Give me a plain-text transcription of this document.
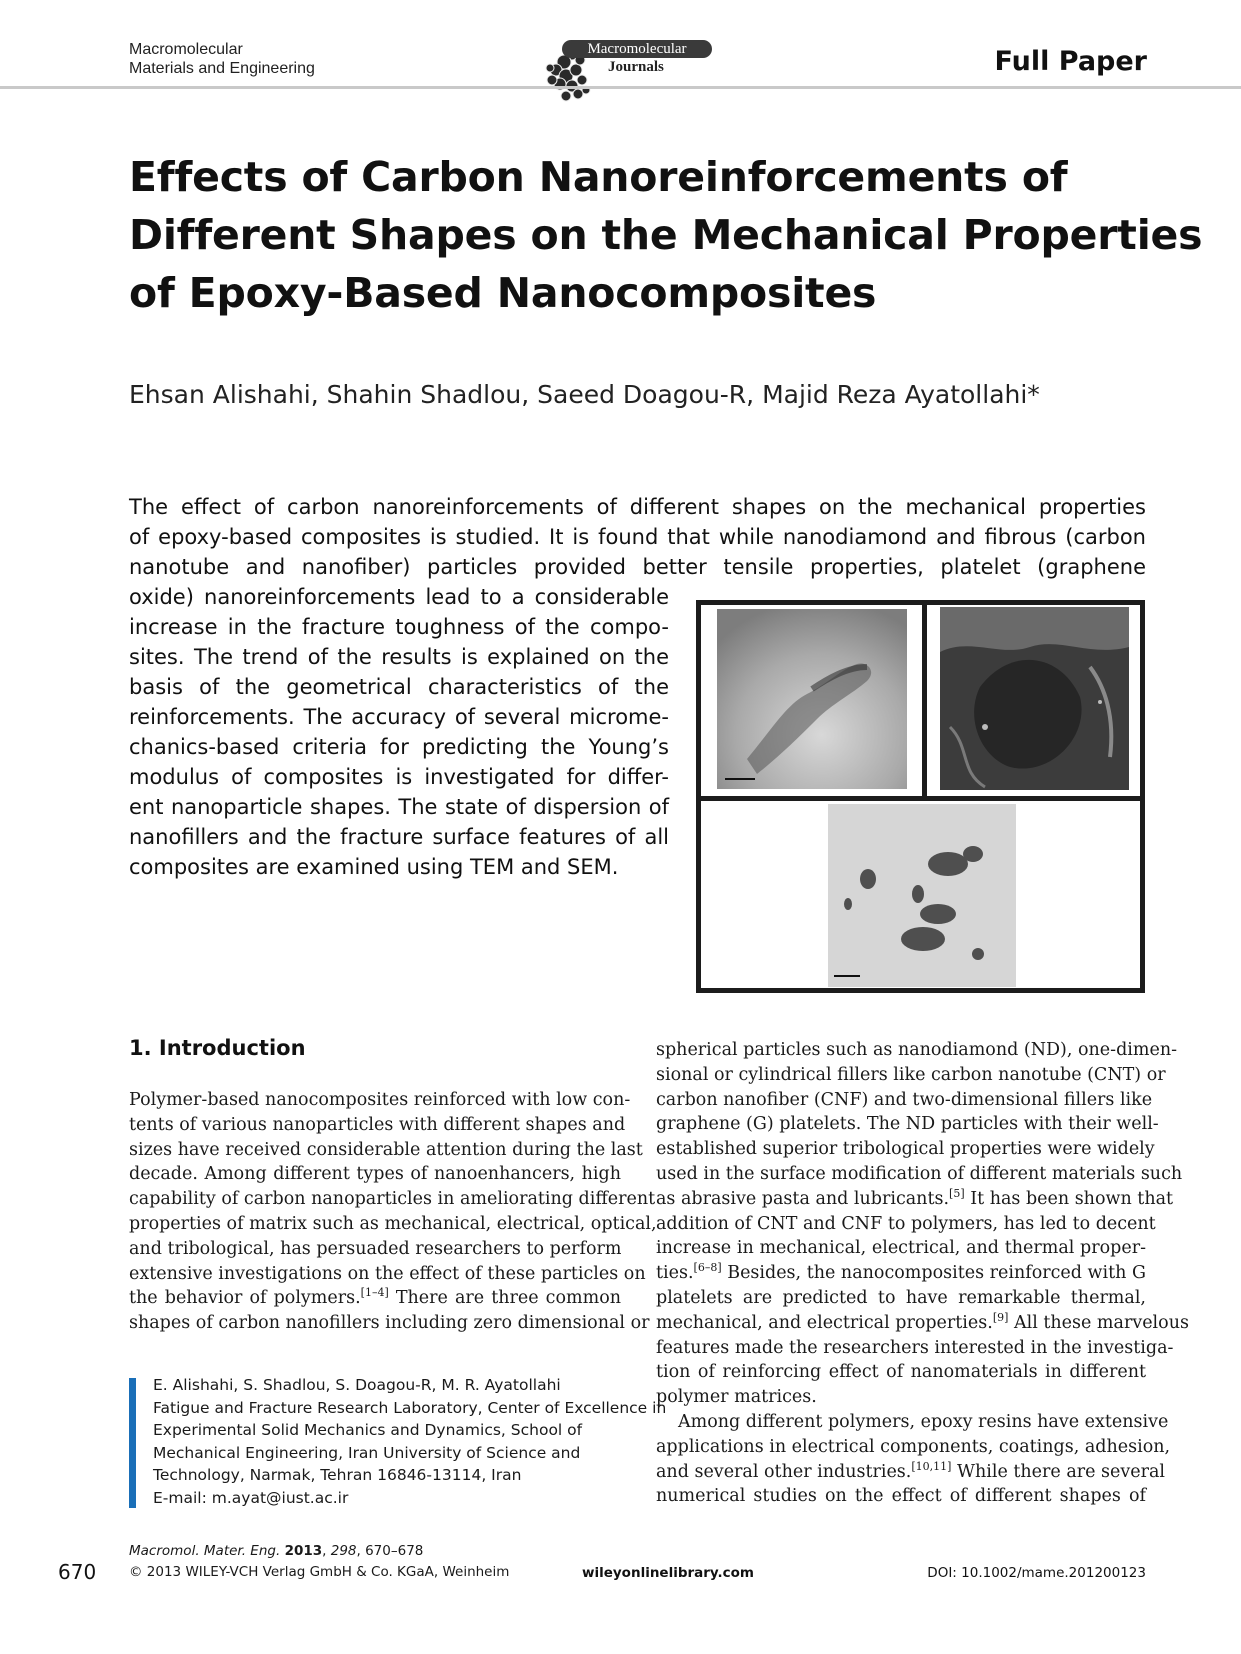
Macromolecular
Materials and Engineering
Macromolecular
Journals	Full Paper
Effects of Carbon Nanoreinforcements of
Different Shapes on the Mechanical Properties
of Epoxy-Based Nanocomposites
Ehsan Alishahi, Shahin Shadlou, Saeed Doagou-R, Majid Reza Ayatollahi*
The effect of carbon nanoreinforcements of different shapes on the mechanical properties
of epoxy-based composites is studied. It is found that while nanodiamond and fibrous (carbon
nanotube and nanofiber) particles provided better tensile properties, platelet (graphene
oxide) nanoreinforcements lead to a considerable
increase in the fracture toughness of the compo-
sites. The trend of the results is explained on the
basis of the geometrical characteristics of the
reinforcements. The accuracy of several microme-
chanics-based criteria for predicting the Young’s
modulus of composites is investigated for differ-
ent nanoparticle shapes. The state of dispersion of
nanofillers and the fracture surface features of all
composites are examined using TEM and SEM.
1. Introduction
Polymer-based nanocomposites reinforced with low con-
tents of various nanoparticles with different shapes and
sizes have received considerable attention during the last
decade. Among different types of nanoenhancers, high
capability of carbon nanoparticles in ameliorating different
properties of matrix such as mechanical, electrical, optical,
and tribological, has persuaded researchers to perform
extensive investigations on the effect of these particles on
the behavior of polymers.[1–4] There are three common
shapes of carbon nanofillers including zero dimensional or
spherical particles such as nanodiamond (ND), one-dimen-
sional or cylindrical fillers like carbon nanotube (CNT) or
carbon nanofiber (CNF) and two-dimensional fillers like
graphene (G) platelets. The ND particles with their well-
established superior tribological properties were widely
used in the surface modification of different materials such
as abrasive pasta and lubricants.[5] It has been shown that
addition of CNT and CNF to polymers, has led to decent
increase in mechanical, electrical, and thermal proper-
ties.[6–8] Besides, the nanocomposites reinforced with G
platelets are predicted to have remarkable thermal,
mechanical, and electrical properties.[9] All these marvelous
features made the researchers interested in the investiga-
tion of reinforcing effect of nanomaterials in different
polymer matrices.
Among different polymers, epoxy resins have extensive
applications in electrical components, coatings, adhesion,
and several other industries.[10,11] While there are several
numerical studies on the effect of different shapes of
E. Alishahi, S. Shadlou, S. Doagou-R, M. R. Ayatollahi
Fatigue and Fracture Research Laboratory, Center of Excellence in
Experimental Solid Mechanics and Dynamics, School of
Mechanical Engineering, Iran University of Science and
Technology, Narmak, Tehran 16846-13114, Iran
E-mail: m.ayat@iust.ac.ir
Macromol. Mater. Eng. 2013, 298, 670–678
© 2013 WILEY-VCH Verlag GmbH & Co. KGaA, Weinheim
670	wileyonlinelibrary.com	DOI: 10.1002/mame.201200123
